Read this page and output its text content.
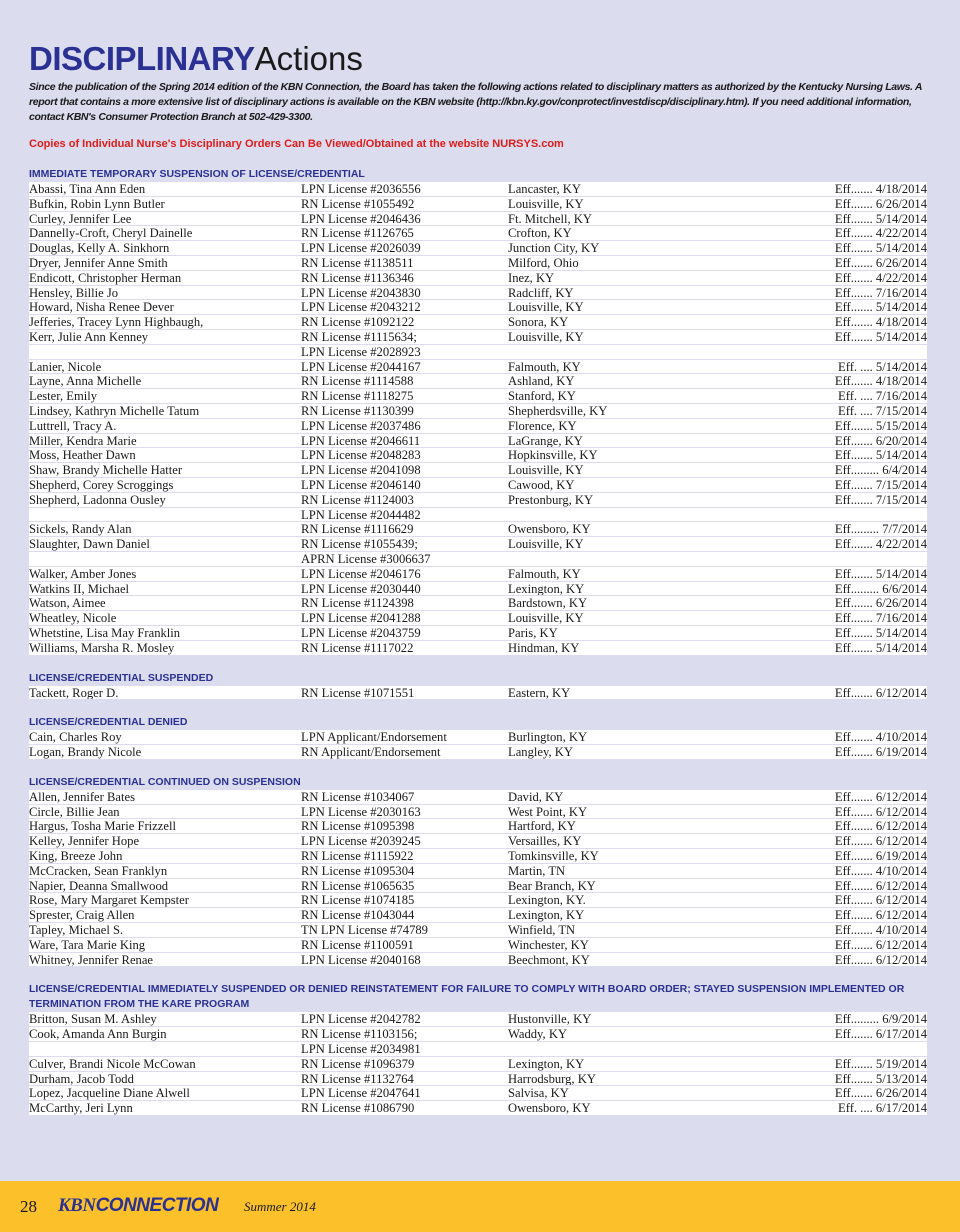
DISCIPLINARYActions
Since the publication of the Spring 2014 edition of the KBN Connection, the Board has taken the following actions related to disciplinary matters as authorized by the Kentucky Nursing Laws. A report that contains a more extensive list of disciplinary actions is available on the KBN website (http://kbn.ky.gov/conprotect/investdiscp/disciplinary.htm). If you need additional information, contact KBN's Consumer Protection Branch at 502-429-3300.
Copies of Individual Nurse's Disciplinary Orders Can Be Viewed/Obtained at the website NURSYS.com
IMMEDIATE TEMPORARY SUSPENSION OF LICENSE/CREDENTIAL
Abassi, Tina Ann Eden	LPN License #2036556	Lancaster, KY	Eff....... 4/18/2014
Bufkin, Robin Lynn Butler	RN License #1055492	Louisville, KY	Eff....... 6/26/2014
Curley, Jennifer Lee	LPN License #2046436	Ft. Mitchell, KY	Eff....... 5/14/2014
Dannelly-Croft, Cheryl Dainelle	RN License #1126765	Crofton, KY	Eff....... 4/22/2014
Douglas, Kelly A. Sinkhorn	LPN License #2026039	Junction City, KY	Eff....... 5/14/2014
Dryer, Jennifer Anne Smith	RN License #1138511	Milford, Ohio	Eff....... 6/26/2014
Endicott, Christopher Herman	RN License #1136346	Inez, KY	Eff....... 4/22/2014
Hensley, Billie Jo	LPN License #2043830	Radcliff, KY	Eff....... 7/16/2014
Howard, Nisha Renee Dever	LPN License #2043212	Louisville, KY	Eff....... 5/14/2014
Jefferies, Tracey Lynn Highbaugh,	RN License #1092122	Sonora, KY	Eff....... 4/18/2014
Kerr, Julie Ann Kenney	RN License #1115634;	Louisville, KY	Eff....... 5/14/2014
LPN License #2028923
Lanier, Nicole	LPN License #2044167	Falmouth, KY	Eff. .... 5/14/2014
Layne, Anna Michelle	RN License #1114588	Ashland, KY	Eff....... 4/18/2014
Lester, Emily	RN License #1118275	Stanford, KY	Eff. .... 7/16/2014
Lindsey, Kathryn Michelle Tatum	RN License #1130399	Shepherdsville, KY	Eff. .... 7/15/2014
Luttrell, Tracy A.	LPN License #2037486	Florence, KY	Eff....... 5/15/2014
Miller, Kendra Marie	LPN License #2046611	LaGrange, KY	Eff....... 6/20/2014
Moss, Heather Dawn	LPN License #2048283	Hopkinsville, KY	Eff....... 5/14/2014
Shaw, Brandy Michelle Hatter	LPN License #2041098	Louisville, KY	Eff......... 6/4/2014
Shepherd, Corey Scroggings	LPN License #2046140	Cawood, KY	Eff....... 7/15/2014
Shepherd, Ladonna Ousley	RN License #1124003	Prestonburg, KY	Eff....... 7/15/2014
LPN License #2044482
Sickels, Randy Alan	RN License #1116629	Owensboro, KY	Eff......... 7/7/2014
Slaughter, Dawn Daniel	RN License #1055439;	Louisville, KY	Eff....... 4/22/2014
APRN License #3006637
Walker, Amber Jones	LPN License #2046176	Falmouth, KY	Eff....... 5/14/2014
Watkins II, Michael	LPN License #2030440	Lexington, KY	Eff......... 6/6/2014
Watson, Aimee	RN License #1124398	Bardstown, KY	Eff....... 6/26/2014
Wheatley, Nicole	LPN License #2041288	Louisville, KY	Eff....... 7/16/2014
Whetstine, Lisa May Franklin	LPN License #2043759	Paris, KY	Eff....... 5/14/2014
Williams, Marsha R. Mosley	RN License #1117022	Hindman, KY	Eff....... 5/14/2014
LICENSE/CREDENTIAL SUSPENDED
Tackett, Roger D.	RN License #1071551	Eastern, KY	Eff....... 6/12/2014
LICENSE/CREDENTIAL DENIED
Cain, Charles Roy	LPN Applicant/Endorsement	Burlington, KY	Eff....... 4/10/2014
Logan, Brandy Nicole	RN Applicant/Endorsement	Langley, KY	Eff....... 6/19/2014
LICENSE/CREDENTIAL CONTINUED ON SUSPENSION
Allen, Jennifer Bates	RN License #1034067	David, KY	Eff....... 6/12/2014
Circle, Billie Jean	LPN License #2030163	West Point, KY	Eff....... 6/12/2014
Hargus, Tosha Marie Frizzell	RN License #1095398	Hartford, KY	Eff....... 6/12/2014
Kelley, Jennifer Hope	LPN License #2039245	Versailles, KY	Eff....... 6/12/2014
King, Breeze John	RN License #1115922	Tomkinsville, KY	Eff....... 6/19/2014
McCracken, Sean Franklyn	RN License #1095304	Martin, TN	Eff....... 4/10/2014
Napier, Deanna Smallwood	RN License #1065635	Bear Branch, KY	Eff....... 6/12/2014
Rose, Mary Margaret Kempster	RN License #1074185	Lexington, KY.	Eff....... 6/12/2014
Sprester, Craig Allen	RN License #1043044	Lexington, KY	Eff....... 6/12/2014
Tapley, Michael S.	TN LPN License #74789	Winfield, TN	Eff....... 4/10/2014
Ware, Tara Marie King	RN License #1100591	Winchester, KY	Eff....... 6/12/2014
Whitney, Jennifer Renae	LPN License #2040168	Beechmont, KY	Eff....... 6/12/2014
LICENSE/CREDENTIAL IMMEDIATELY SUSPENDED OR DENIED REINSTATEMENT FOR FAILURE TO COMPLY WITH BOARD ORDER; STAYED SUSPENSION IMPLEMENTED OR TERMINATION FROM THE KARE PROGRAM
Britton, Susan M. Ashley	LPN License #2042782	Hustonville, KY	Eff......... 6/9/2014
Cook, Amanda Ann Burgin	RN License #1103156;	Waddy, KY	Eff....... 6/17/2014
LPN License #2034981
Culver, Brandi Nicole McCowan	RN License #1096379	Lexington, KY	Eff....... 5/19/2014
Durham, Jacob Todd	RN License #1132764	Harrodsburg, KY	Eff....... 5/13/2014
Lopez, Jacqueline Diane Alwell	LPN License #2047641	Salvisa, KY	Eff....... 6/26/2014
McCarthy, Jeri Lynn	RN License #1086790	Owensboro, KY	Eff. .... 6/17/2014
28 KBNCONNECTION Summer 2014
